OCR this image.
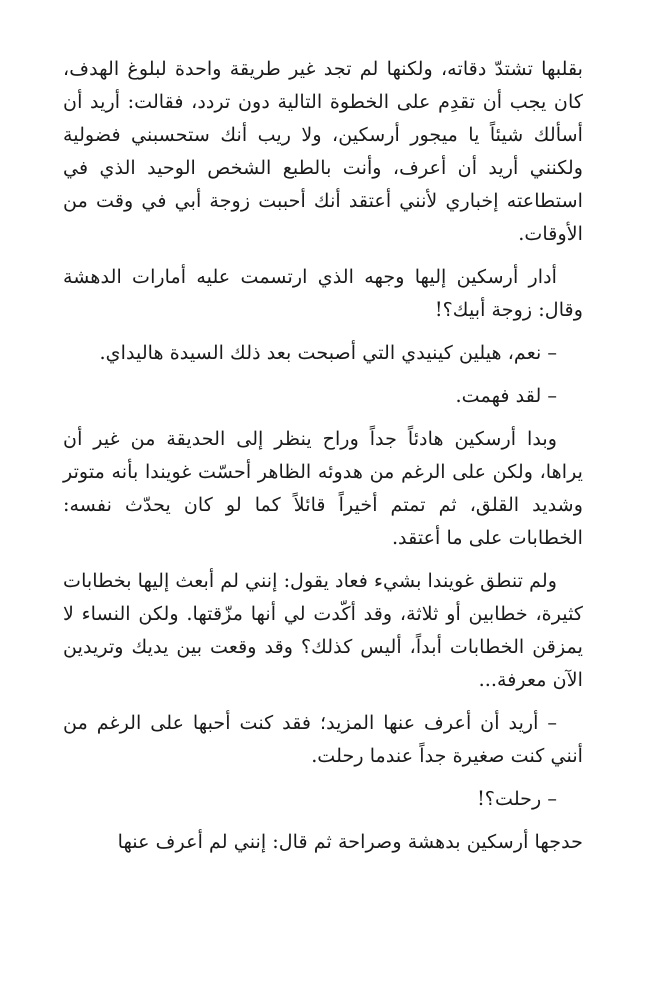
بقلبها تشتدّ دقاته، ولكنها لم تجد غير طريقة واحدة لبلوغ الهدف، كان يجب أن تقدِم على الخطوة التالية دون تردد، فقالت: أريد أن أسألك شيئاً يا ميجور أرسكين، ولا ريب أنك ستحسبني فضولية ولكنني أريد أن أعرف، وأنت بالطبع الشخص الوحيد الذي في استطاعته إخباري لأنني أعتقد أنك أحببت زوجة أبي في وقت من الأوقات.

أدار أرسكين إليها وجهه الذي ارتسمت عليه أمارات الدهشة وقال: زوجة أبيك؟!

– نعم، هيلين كينيدي التي أصبحت بعد ذلك السيدة هاليداي.

– لقد فهمت.

وبدا أرسكين هادئاً جداً وراح ينظر إلى الحديقة من غير أن يراها، ولكن على الرغم من هدوئه الظاهر أحسّت غويندا بأنه متوتر وشديد القلق، ثم تمتم أخيراً قائلاً كما لو كان يحدّث نفسه: الخطابات على ما أعتقد.

ولم تنطق غويندا بشيء فعاد يقول: إنني لم أبعث إليها بخطابات كثيرة، خطابين أو ثلاثة، وقد أكّدت لي أنها مزّقتها. ولكن النساء لا يمزقن الخطابات أبداً، أليس كذلك؟ وقد وقعت بين يديك وتريدين الآن معرفة...

– أريد أن أعرف عنها المزيد؛ فقد كنت أحبها على الرغم من أنني كنت صغيرة جداً عندما رحلت.

– رحلت؟!

حدجها أرسكين بدهشة وصراحة ثم قال: إنني لم أعرف عنها
